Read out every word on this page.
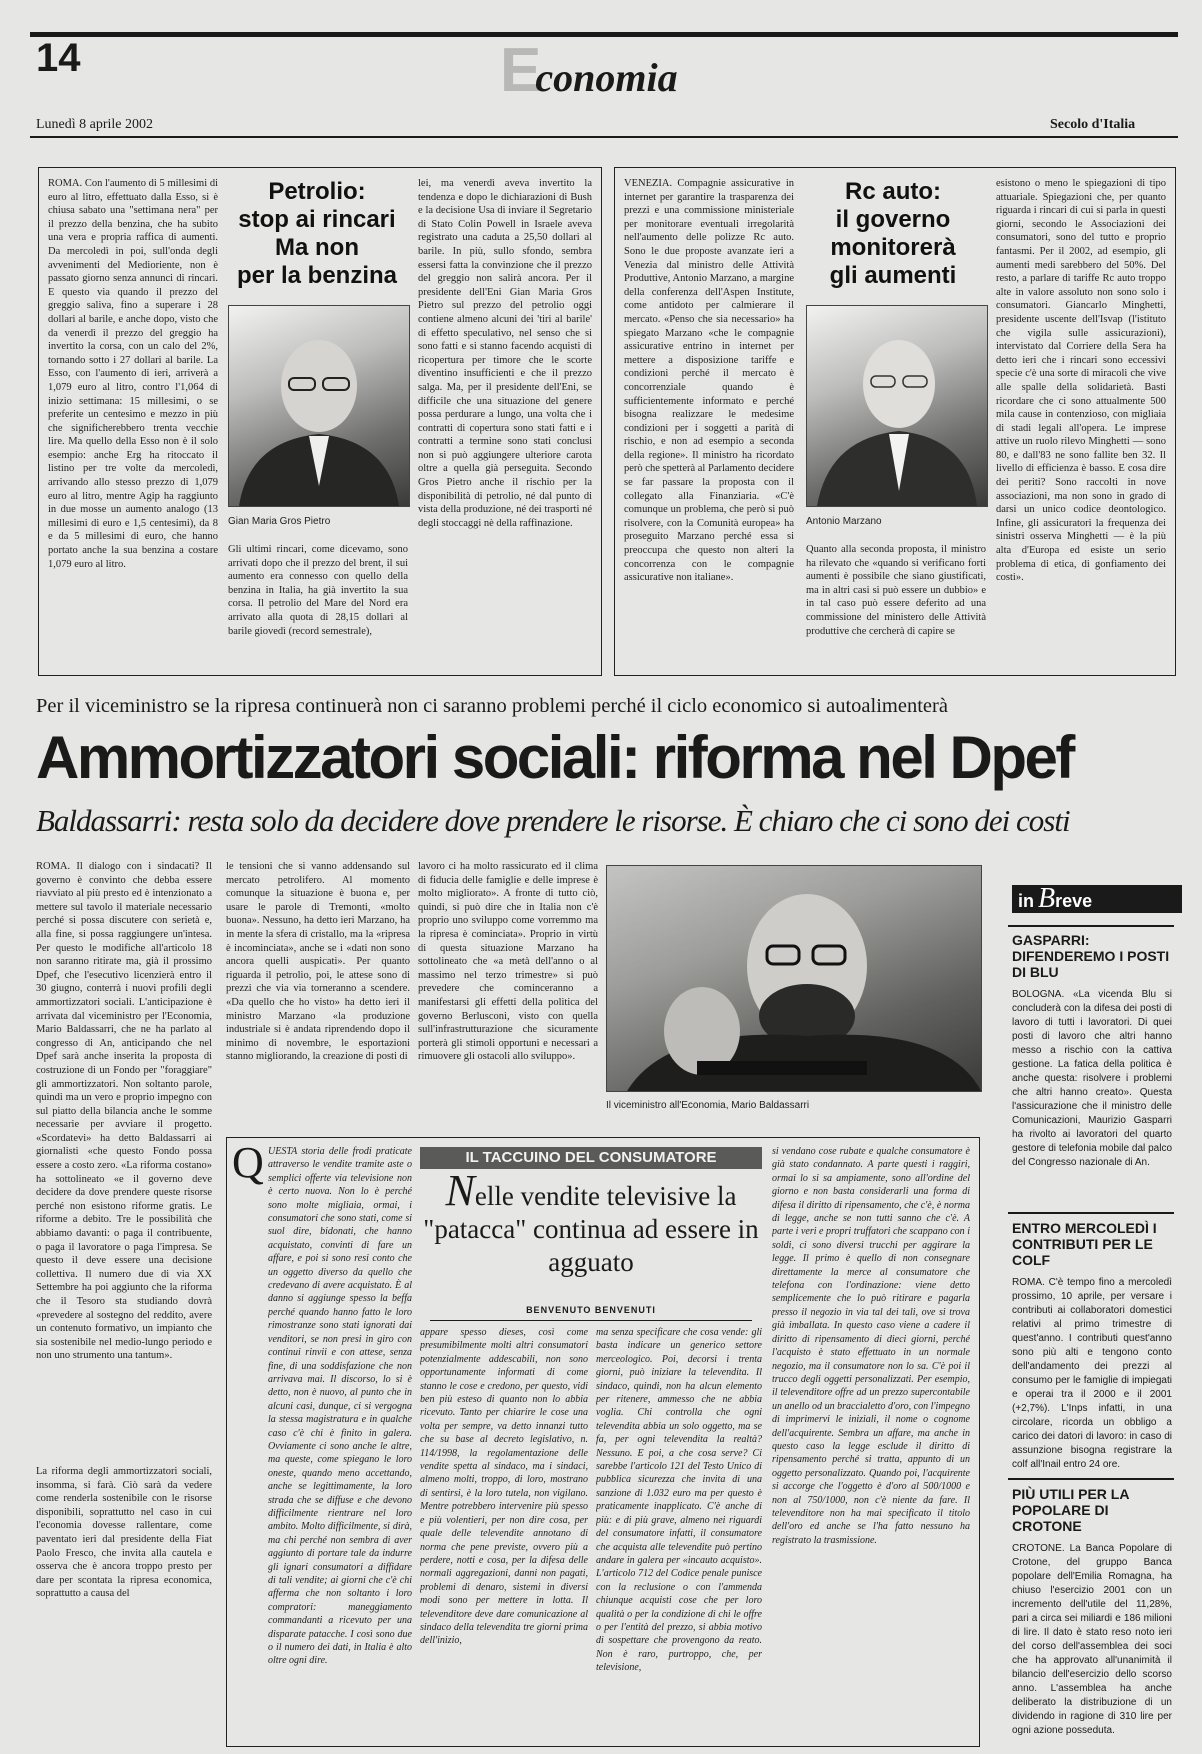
14	Economia
Lunedì 8 aprile 2002	Secolo d'Italia
ROMA. Con l'aumento di 5 millesimi di euro al litro, effettuato dalla Esso, si è chiusa sabato una "settimana nera" per il prezzo della benzina, che ha subito una vera e propria raffica di aumenti. Da mercoledì in poi, sull'onda degli avvenimenti del Medioriente, non è passato giorno senza annunci di rincari. E questo via quando il prezzo del greggio saliva, fino a superare i 28 dollari al barile, e anche dopo, visto che da venerdì il prezzo del greggio ha invertito la corsa, con un calo del 2%, tornando sotto i 27 dollari al barile. La Esso, con l'aumento di ieri, arriverà a 1,079 euro al litro, contro l'1,064 di inizio settimana: 15 millesimi, o se preferite un centesimo e mezzo in più che significherebbero trenta vecchie lire. Ma quello della Esso non è il solo esempio: anche Erg ha ritoccato il listino per tre volte da mercoledì, arrivando allo stesso prezzo di 1,079 euro al litro, mentre Agip ha raggiunto in due mosse un aumento analogo (13 millesimi di euro e 1,5 centesimi), da 8 e da 5 millesimi di euro, che hanno portato anche la sua benzina a costare 1,079 euro al litro.
Petrolio:
stop ai rincari
Ma non
per la benzina
Gian Maria Gros Pietro
Gli ultimi rincari, come dicevamo, sono arrivati dopo che il prezzo del brent, il sui aumento era connesso con quello della benzina in Italia, ha già invertito la sua corsa. Il petrolio del Mare del Nord era arrivato alla quota di 28,15 dollari al barile giovedì (record semestrale),
lei, ma venerdì aveva invertito la tendenza e dopo le dichiarazioni di Bush e la decisione Usa di inviare il Segretario di Stato Colin Powell in Israele aveva registrato una caduta a 25,50 dollari al barile. In più, sullo sfondo, sembra essersi fatta la convinzione che il prezzo del greggio non salirà ancora. Per il presidente dell'Eni Gian Maria Gros Pietro sul prezzo del petrolio oggi contiene almeno alcuni dei 'tiri al barile' di effetto speculativo, nel senso che si sono fatti e si stanno facendo acquisti di ricopertura per timore che le scorte diventino insufficienti e che il prezzo salga. Ma, per il presidente dell'Eni, se difficile che una situazione del genere possa perdurare a lungo, una volta che i contratti di copertura sono stati fatti e i contratti a termine sono stati conclusi non si può aggiungere ulteriore carota oltre a quella già perseguita. Secondo Gros Pietro anche il rischio per la disponibilità di petrolio, né dal punto di vista della produzione, né dei trasporti né degli stoccaggi nè della raffinazione.
VENEZIA. Compagnie assicurative in internet per garantire la trasparenza dei prezzi e una commissione ministeriale per monitorare eventuali irregolarità nell'aumento delle polizze Rc auto. Sono le due proposte avanzate ieri a Venezia dal ministro delle Attività Produttive, Antonio Marzano, a margine della conferenza dell'Aspen Institute, come antidoto per calmierare il mercato. «Penso che sia necessario» ha spiegato Marzano «che le compagnie assicurative entrino in internet per mettere a disposizione tariffe e condizioni perché il mercato è concorrenziale quando è sufficientemente informato e perché bisogna realizzare le medesime condizioni per i soggetti a parità di rischio, e non ad esempio a seconda della regione». Il ministro ha ricordato però che spetterà al Parlamento decidere se far passare la proposta con il collegato alla Finanziaria. «C'è comunque un problema, che però si può risolvere, con la Comunità europea» ha proseguito Marzano perché essa si preoccupa che questo non alteri la concorrenza con le compagnie assicurative non italiane».
Rc auto:
il governo
monitorerà
gli aumenti
Antonio Marzano
Quanto alla seconda proposta, il ministro ha rilevato che «quando si verificano forti aumenti è possibile che siano giustificati, ma in altri casi si può essere un dubbio» e in tal caso può essere deferito ad una commissione del ministero delle Attività produttive che cercherà di capire se
esistono o meno le spiegazioni di tipo attuariale. Spiegazioni che, per quanto riguarda i rincari di cui si parla in questi giorni, secondo le Associazioni dei consumatori, sono del tutto e proprio fantasmi. Per il 2002, ad esempio, gli aumenti medi sarebbero del 50%. Del resto, a parlare di tariffe Rc auto troppo alte in valore assoluto non sono solo i consumatori. Giancarlo Minghetti, presidente uscente dell'Isvap (l'istituto che vigila sulle assicurazioni), intervistato dal Corriere della Sera ha detto ieri che i rincari sono eccessivi specie c'è una sorte di miracoli che vive alle spalle della solidarietà. Basti ricordare che ci sono attualmente 500 mila cause in contenzioso, con migliaia di stadi legali all'opera. Le imprese attive un ruolo rilevo Minghetti — sono 80, e dall'83 ne sono fallite ben 32. Il livello di efficienza è basso. E cosa dire dei periti? Sono raccolti in nove associazioni, ma non sono in grado di darsi un unico codice deontologico. Infine, gli assicuratori la frequenza dei sinistri osserva Minghetti — è la più alta d'Europa ed esiste un serio problema di etica, di gonfiamento dei costi».
Per il viceministro se la ripresa continuerà non ci saranno problemi perché il ciclo economico si autoalimenterà
Ammortizzatori sociali: riforma nel Dpef
Baldassarri: resta solo da decidere dove prendere le risorse. È chiaro che ci sono dei costi
ROMA. Il dialogo con i sindacati? Il governo è convinto che debba essere riavviato al più presto ed è intenzionato a mettere sul tavolo il materiale necessario perché si possa discutere con serietà e, alla fine, si possa raggiungere un'intesa. Per questo le modifiche all'articolo 18 non saranno ritirate ma, già il prossimo Dpef, che l'esecutivo licenzierà entro il 30 giugno, conterrà i nuovi profili degli ammortizzatori sociali. L'anticipazione è arrivata dal viceministro per l'Economia, Mario Baldassarri, che ne ha parlato al congresso di An, anticipando che nel Dpef sarà anche inserita la proposta di costruzione di un Fondo per "foraggiare" gli ammortizzatori. Non soltanto parole, quindi ma un vero e proprio impegno con sul piatto della bilancia anche le somme necessarie per avviare il progetto. «Scordatevi» ha detto Baldassarri ai giornalisti «che questo Fondo possa essere a costo zero. «La riforma costano» ha sottolineato «e il governo deve decidere da dove prendere queste risorse perché non esistono riforme gratis. Le riforme a debito. Tre le possibilità che abbiamo davanti: o paga il contribuente, o paga il lavoratore o paga l'impresa. Se questo il deve essere una decisione collettiva. Il numero due di via XX Settembre ha poi aggiunto che la riforma che il Tesoro sta studiando dovrà «prevedere al sostegno del reddito, avere un contenuto formativo, un impianto che sia sostenibile nel medio-lungo periodo e non uno strumento una tantum».
La riforma degli ammortizzatori sociali, insomma, si farà. Ciò sarà da vedere come renderla sostenibile con le risorse disponibili, soprattutto nel caso in cui l'economia dovesse rallentare, come paventato ieri dal presidente della Fiat Paolo Fresco, che invita alla cautela e osserva che è ancora troppo presto per dare per scontata la ripresa economica, soprattutto a causa del
le tensioni che si vanno addensando sul mercato petrolifero. Al momento comunque la situazione è buona e, per usare le parole di Tremonti, «molto buona». Nessuno, ha detto ieri Marzano, ha in mente la sfera di cristallo, ma la «ripresa è incominciata», anche se i «dati non sono ancora quelli auspicati». Per quanto riguarda il petrolio, poi, le attese sono di prezzi che via via torneranno a scendere. «Da quello che ho visto» ha detto ieri il ministro Marzano «la produzione industriale si è andata riprendendo dopo il minimo di novembre, le esportazioni stanno migliorando, la creazione di posti di
lavoro ci ha molto rassicurato ed il clima di fiducia delle famiglie e delle imprese è molto migliorato». A fronte di tutto ciò, quindi, si può dire che in Italia non c'è proprio uno sviluppo come vorremmo ma la ripresa è cominciata». Proprio in virtù di questa situazione Marzano ha sottolineato che «a metà dell'anno o al massimo nel terzo trimestre» si può prevedere che cominceranno a manifestarsi gli effetti della politica del governo Berlusconi, visto con quella sull'infrastrutturazione che sicuramente porterà gli stimoli opportuni e necessari a rimuovere gli ostacoli allo sviluppo».
Il viceministro all'Economia, Mario Baldassarri
Q UESTA storia delle frodi praticate attraverso le vendite tramite aste o semplici offerte via televisione non è certo nuova. Non lo è perché sono molte migliaia, ormai, i consumatori che sono stati, come si suol dire, bidonati, che hanno acquistato, convinti di fare un affare, e poi si sono resi conto che un oggetto diverso da quello che credevano di avere acquistato. È al danno si aggiunge spesso la beffa perché quando hanno fatto le loro rimostranze sono stati ignorati dai venditori, se non presi in giro con continui rinvii e con attese, senza fine, di una soddisfazione che non arrivava mai. Il discorso, lo si è detto, non è nuovo, al punto che in alcuni casi, dunque, ci si vergogna la stessa magistratura e in qualche caso c'è chi è finito in galera. Ovviamente ci sono anche le altre, ma queste, come spiegano le loro oneste, quando meno accettando, anche se legittimamente, la loro strada che se diffuse e che devono difficilmente rientrare nel loro ambito. Molto difficilmente, si dirà, ma chi perché non sembra di aver aggiunto di portare tale da indurre gli ignari consumatori a diffidare di tali vendite; ai giorni che c'è chi afferma che non soltanto i loro compratori: maneggiamento commandanti a ricevuto per una disparate patacche. I così sono due o il numero dei dati, in Italia è alto oltre ogni dire.
IL TACCUINO DEL CONSUMATORE
Nelle vendite televisive la "patacca" continua ad essere in agguato
BENVENUTO BENVENUTI
appare spesso dieses, così come presumibilmente molti altri consumatori potenzialmente addescabili, non sono opportunamente informati di come stanno le cose e credono, per questo, vidi ben più esteso di quanto non lo abbia ricevuto. Tanto per chiarire le cose una volta per sempre, va detto innanzi tutto che su base al decreto legislativo, n. 114/1998, la regolamentazione delle vendite spetta al sindaco, ma i sindaci, almeno molti, troppo, di loro, mostrano di sentirsi, è la loro tutela, non vigilano. Mentre potrebbero intervenire più spesso e più volentieri, per non dire cosa, per quale delle televendite annotano di norma che pene previste, ovvero più a perdere, notti e cosa, per la difesa delle normali aggregazioni, danni non pagati, problemi di denaro, sistemi in diversi modi sono per mettere in lotta. Il televenditore deve dare comunicazione al sindaco della televendita tre giorni prima dell'inizio,
ma senza specificare che cosa vende: gli basta indicare un generico settore merceologico. Poi, decorsi i trenta giorni, può iniziare la televendita. Il sindaco, quindi, non ha alcun elemento per ritenere, ammesso che ne abbia voglia. Chi controlla che ogni televendita abbia un solo oggetto, ma se fa, per ogni televendita la realtà? Nessuno. E poi, a che cosa serve? Ci sarebbe l'articolo 121 del Testo Unico di pubblica sicurezza che invita di una sanzione di 1.032 euro ma per questo è praticamente inapplicato. C'è anche di più: e di più grave, almeno nei riguardi del consumatore infatti, il consumatore che acquista alle televendite può pertino andare in galera per «incauto acquisto». L'articolo 712 del Codice penale punisce con la reclusione o con l'ammenda chiunque acquisti cose che per loro qualità o per la condizione di chi le offre o per l'entità del prezzo, si abbia motivo di sospettare che provengono da reato. Non è raro, purtroppo, che, per televisione,
si vendano cose rubate e qualche consumatore è già stato condannato. A parte questi i raggiri, ormai lo si sa ampiamente, sono all'ordine del giorno e non basta considerarli una forma di difesa il diritto di ripensamento, che c'è, è norma di legge, anche se non tutti sanno che c'è. A parte i veri e propri truffatori che scappano con i soldi, ci sono diversi trucchi per aggirare la legge. Il primo è quello di non consegnare direttamente la merce al consumatore che telefona con l'ordinazione: viene detto semplicemente che lo può ritirare e pagarla presso il negozio in via tal dei tali, ove si trova già imballata. In questo caso viene a cadere il diritto di ripensamento di dieci giorni, perché l'acquisto è stato effettuato in un normale negozio, ma il consumatore non lo sa. C'è poi il trucco degli oggetti personalizzati. Per esempio, il televenditore offre ad un prezzo supercontabile un anello od un braccialetto d'oro, con l'impegno di imprimervi le iniziali, il nome o cognome dell'acquirente. Sembra un affare, ma anche in questo caso la legge esclude il diritto di ripensamento perché si tratta, appunto di un oggetto personalizzato. Quando poi, l'acquirente si accorge che l'oggetto è d'oro al 500/1000 e non al 750/1000, non c'è niente da fare. Il televenditore non ha mai specificato il titolo dell'oro ed anche se l'ha fatto nessuno ha registrato la trasmissione.
in Breve

GASPARRI: DIFENDEREMO I POSTI DI BLU

BOLOGNA. «La vicenda Blu si concluderà con la difesa dei posti di lavoro di tutti i lavoratori. Di quei posti di lavoro che altri hanno messo a rischio con la cattiva gestione. La fatica della politica è anche questa: risolvere i problemi che altri hanno creato». Questa l'assicurazione che il ministro delle Comunicazioni, Maurizio Gasparri ha rivolto ai lavoratori del quarto gestore di telefonia mobile dal palco del Congresso nazionale di An.

ENTRO MERCOLEDÌ I CONTRIBUTI PER LE COLF

ROMA. C'è tempo fino a mercoledì prossimo, 10 aprile, per versare i contributi ai collaboratori domestici relativi al primo trimestre di quest'anno. I contributi quest'anno sono più alti e tengono conto dell'andamento dei prezzi al consumo per le famiglie di impiegati e operai tra il 2000 e il 2001 (+2,7%). L'Inps infatti, in una circolare, ricorda un obbligo a carico dei datori di lavoro: in caso di assunzione bisogna registrare la colf all'Inail entro 24 ore.

PIÙ UTILI PER LA POPOLARE DI CROTONE

CROTONE. La Banca Popolare di Crotone, del gruppo Banca popolare dell'Emilia Romagna, ha chiuso l'esercizio 2001 con un incremento dell'utile del 11,28%, pari a circa sei miliardi e 186 milioni di lire. Il dato è stato reso noto ieri del corso dell'assemblea dei soci che ha approvato all'unanimità il bilancio dell'esercizio dello scorso anno. L'assemblea ha anche deliberato la distribuzione di un dividendo in ragione di 310 lire per ogni azione posseduta.
